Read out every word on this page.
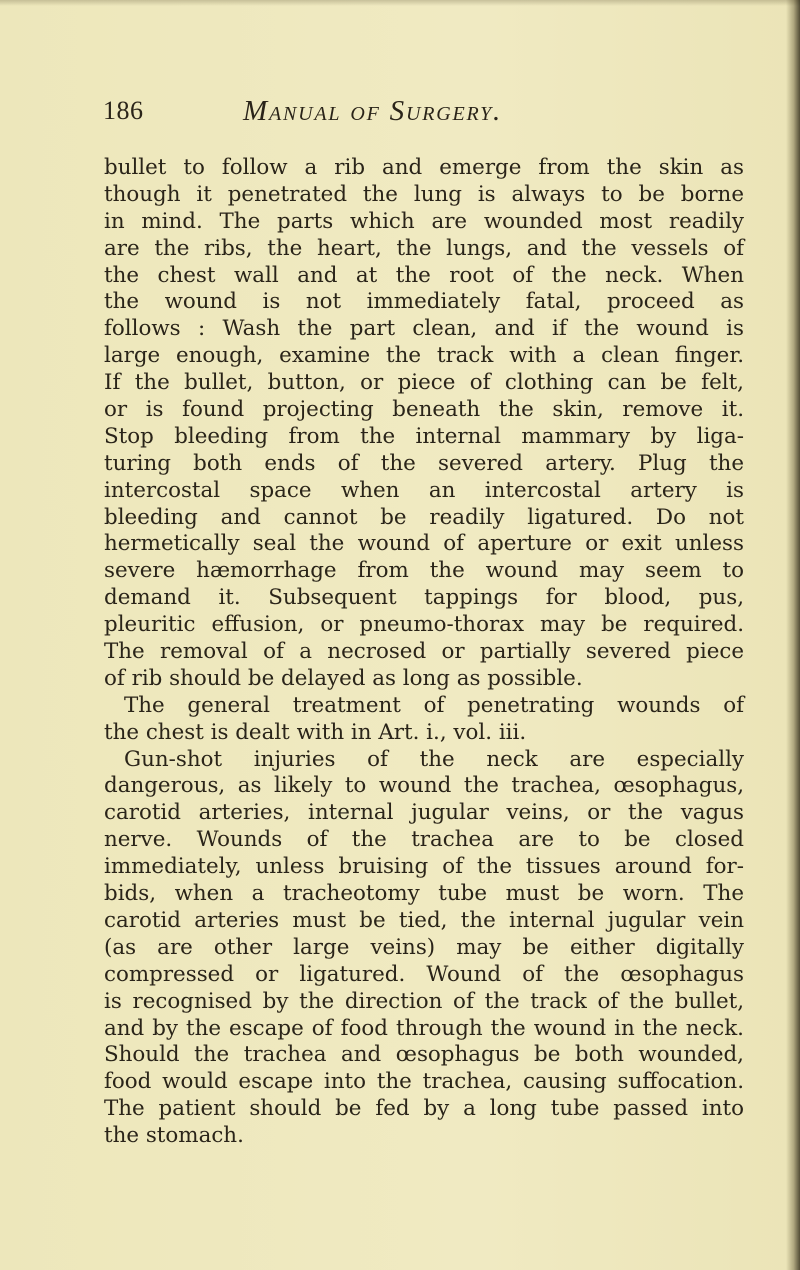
186	Manual of Surgery.
bullet to follow a rib and emerge from the skin as
though it penetrated the lung is always to be borne
in mind. The parts which are wounded most readily
are the ribs, the heart, the lungs, and the vessels of
the chest wall and at the root of the neck. When
the wound is not immediately fatal, proceed as
follows : Wash the part clean, and if the wound is
large enough, examine the track with a clean finger.
If the bullet, button, or piece of clothing can be felt,
or is found projecting beneath the skin, remove it.
Stop bleeding from the internal mammary by liga-
turing both ends of the severed artery. Plug the
intercostal space when an intercostal artery is
bleeding and cannot be readily ligatured. Do not
hermetically seal the wound of aperture or exit unless
severe hæmorrhage from the wound may seem to
demand it. Subsequent tappings for blood, pus,
pleuritic effusion, or pneumo-thorax may be required.
The removal of a necrosed or partially severed piece
of rib should be delayed as long as possible.
The general treatment of penetrating wounds of
the chest is dealt with in Art. i., vol. iii.
Gun-shot injuries of the neck are especially
dangerous, as likely to wound the trachea, œsophagus,
carotid arteries, internal jugular veins, or the vagus
nerve. Wounds of the trachea are to be closed
immediately, unless bruising of the tissues around for-
bids, when a tracheotomy tube must be worn. The
carotid arteries must be tied, the internal jugular vein
(as are other large veins) may be either digitally
compressed or ligatured. Wound of the œsophagus
is recognised by the direction of the track of the bullet,
and by the escape of food through the wound in the neck.
Should the trachea and œsophagus be both wounded,
food would escape into the trachea, causing suffocation.
The patient should be fed by a long tube passed into
the stomach.
